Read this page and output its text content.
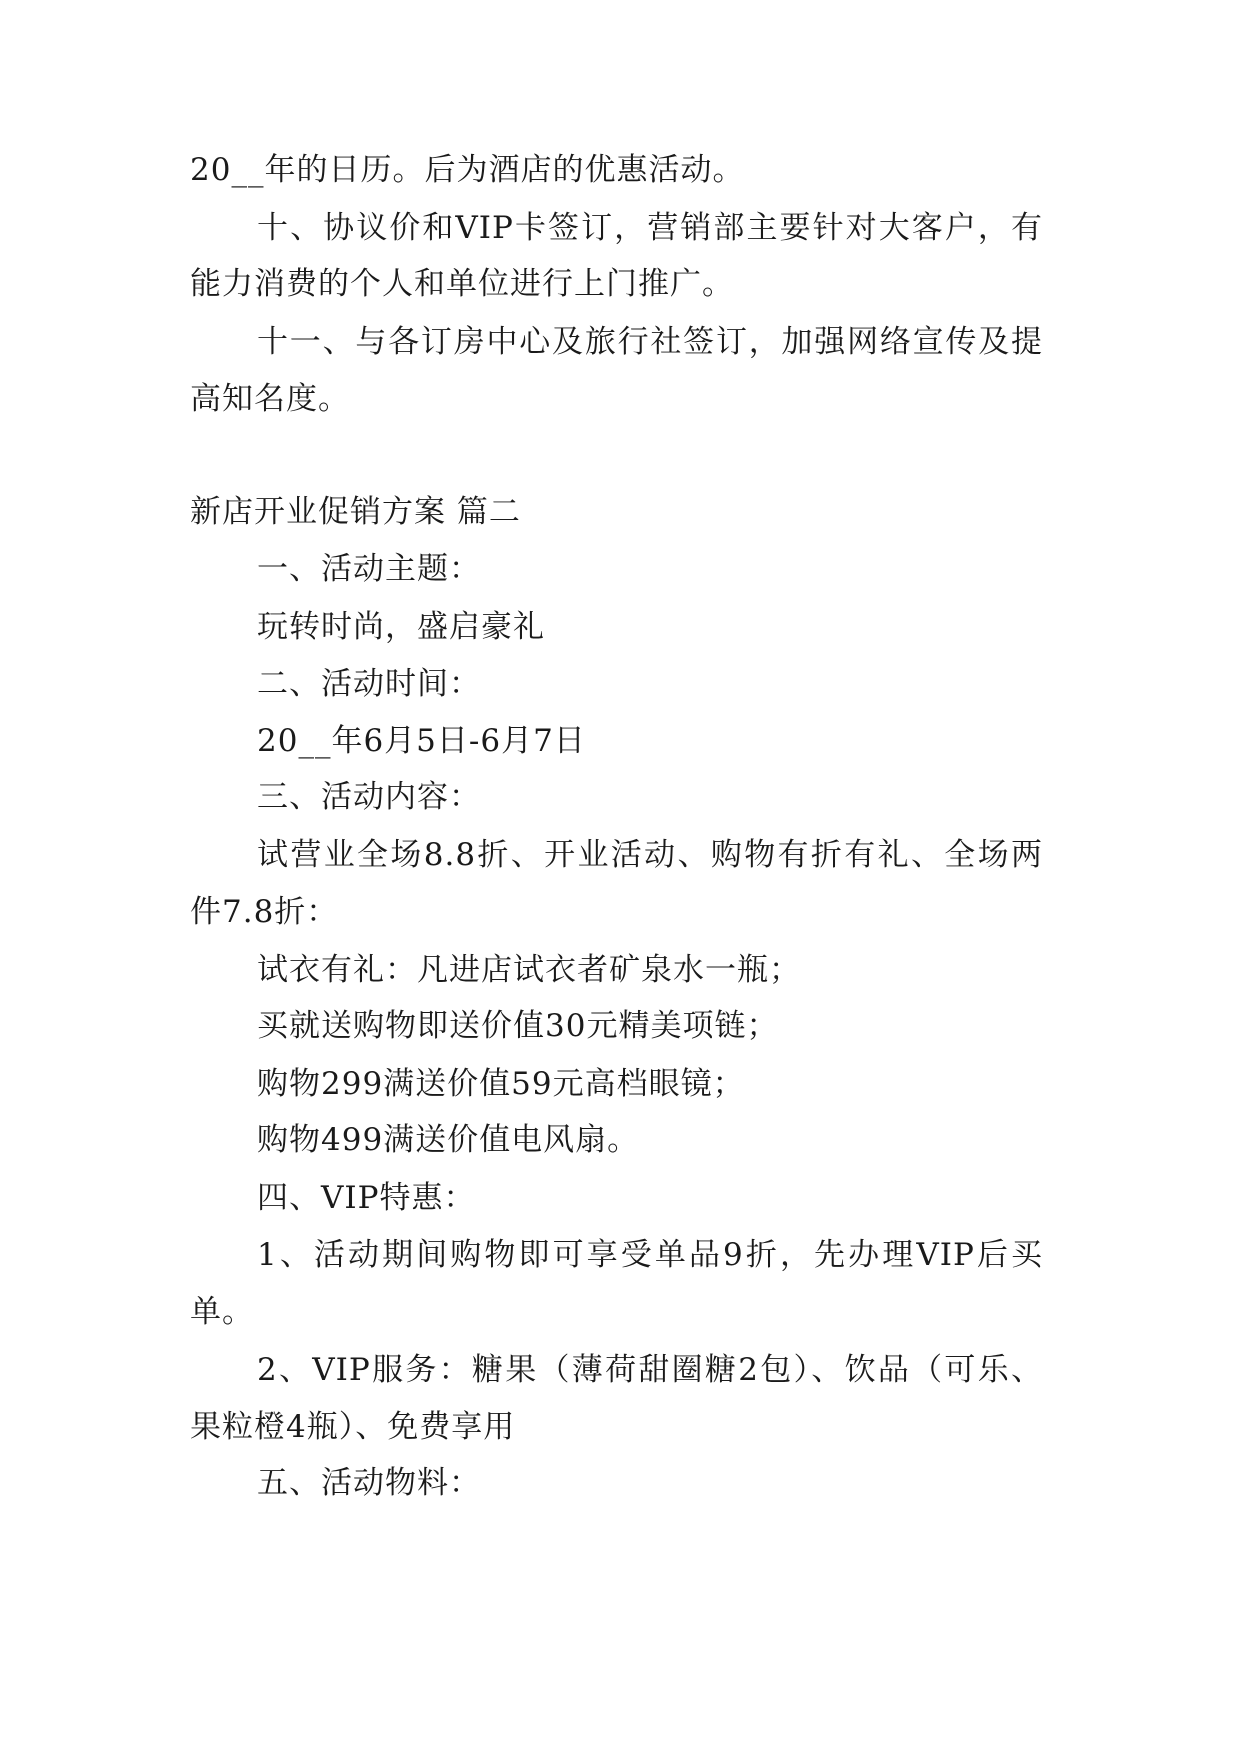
20__年的日历。后为酒店的优惠活动。
十、协议价和VIP卡签订，营销部主要针对大客户，有
能力消费的个人和单位进行上门推广。
十一、与各订房中心及旅行社签订，加强网络宣传及提
高知名度。
新店开业促销方案 篇二
一、活动主题：
玩转时尚，盛启豪礼
二、活动时间：
20__年6月5日-6月7日
三、活动内容：
试营业全场8.8折、开业活动、购物有折有礼、全场两
件7.8折：
试衣有礼：凡进店试衣者矿泉水一瓶；
买就送购物即送价值30元精美项链；
购物299满送价值59元高档眼镜；
购物499满送价值电风扇。
四、VIP特惠：
1、活动期间购物即可享受单品9折，先办理VIP后买
单。
2、VIP服务：糖果（薄荷甜圈糖2包）、饮品（可乐、
果粒橙4瓶）、免费享用
五、活动物料：
